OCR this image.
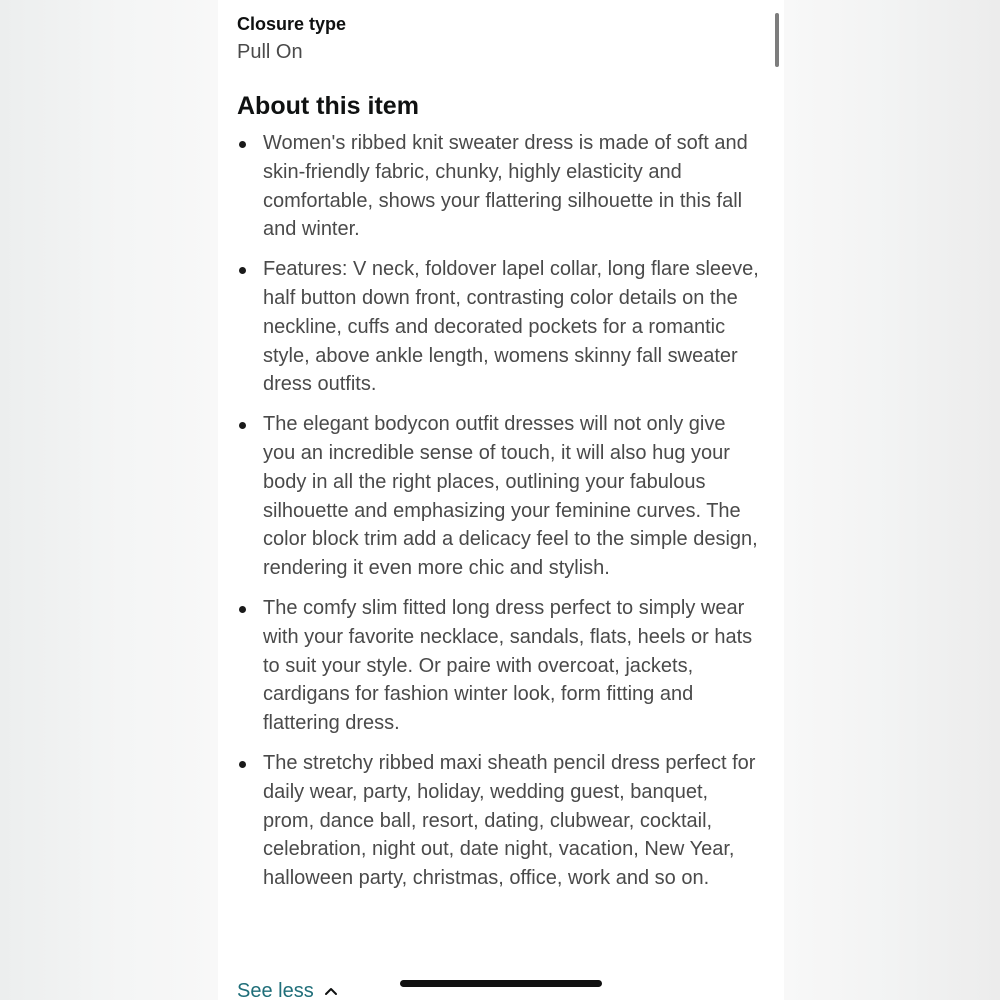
Closure type
Pull On
About this item
Women's ribbed knit sweater dress is made of soft and skin-friendly fabric, chunky, highly elasticity and comfortable, shows your flattering silhouette in this fall and winter.
Features: V neck, foldover lapel collar, long flare sleeve, half button down front, contrasting color details on the neckline, cuffs and decorated pockets for a romantic style, above ankle length, womens skinny fall sweater dress outfits.
The elegant bodycon outfit dresses will not only give you an incredible sense of touch, it will also hug your body in all the right places, outlining your fabulous silhouette and emphasizing your feminine curves. The color block trim add a delicacy feel to the simple design, rendering it even more chic and stylish.
The comfy slim fitted long dress perfect to simply wear with your favorite necklace, sandals, flats, heels or hats to suit your style. Or paire with overcoat, jackets, cardigans for fashion winter look, form fitting and flattering dress.
The stretchy ribbed maxi sheath pencil dress perfect for daily wear, party, holiday, wedding guest, banquet, prom, dance ball, resort, dating, clubwear, cocktail, celebration, night out, date night, vacation, New Year, halloween party, christmas, office, work and so on.
See less
